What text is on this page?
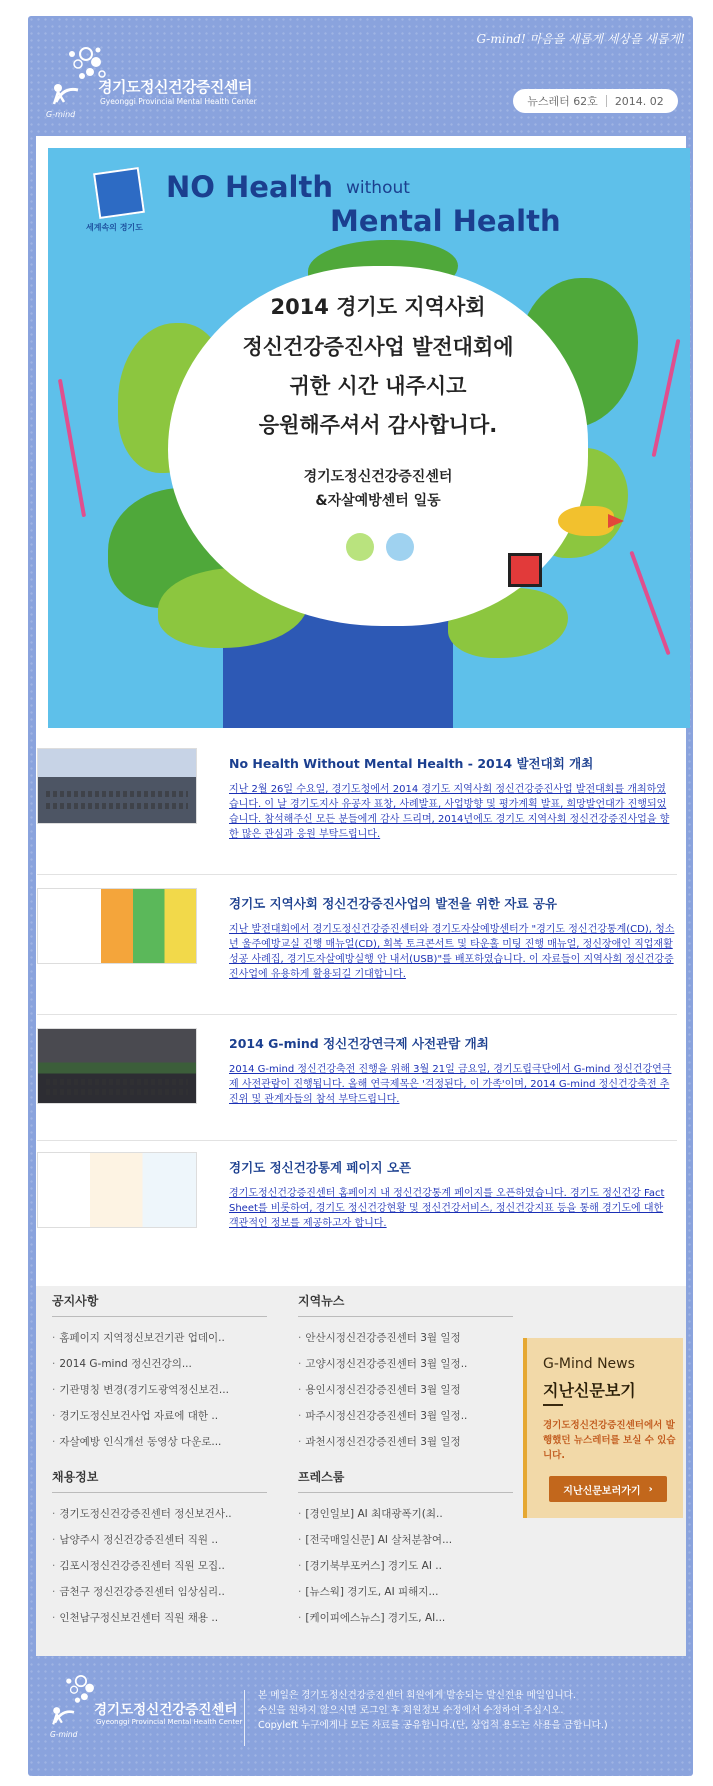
경기도정신건강증진센터
Gyeonggi Provincial Mental Health Center
G-mind
G-mind! 마음을 새롭게 세상을 새롭게!
뉴스레터 62호 2014. 02
세계속의 경기도
NO Health without
Mental Health
2014 경기도 지역사회
정신건강증진사업 발전대회에
귀한 시간 내주시고
응원해주셔서 감사합니다.
경기도정신건강증진센터
&자살예방센터 일동
No Health Without Mental Health - 2014 발전대회 개최
지난 2월 26일 수요일, 경기도청에서 2014 경기도 지역사회 정신건강증진사업 발전대회를 개최하였습니다. 이 날 경기도지사 유공자 표창, 사례발표, 사업방향 및 평가계획 발표, 희망발언대가 진행되었습니다. 참석해주신 모든 분들에게 감사 드리며, 2014년에도 경기도 지역사회 정신건강증진사업을 향한 많은 관심과 응원 부탁드립니다.
경기도 지역사회 정신건강증진사업의 발전을 위한 자료 공유
지난 발전대회에서 경기도정신건강증진센터와 경기도자살예방센터가 "경기도 정신건강통계(CD), 청소년 울주예방교실 진행 매뉴얼(CD), 회복 토크콘서트 및 타운홀 미팅 진행 매뉴얼, 정신장애인 직업재활 성공 사례집, 경기도자살예방실행 안 내서(USB)"를 배포하였습니다. 이 자료들이 지역사회 정신건강증진사업에 유용하게 활용되길 기대합니다.
2014 G-mind 정신건강연극제 사전관람 개최
2014 G-mind 정신건강축전 진행을 위해 3월 21일 금요일, 경기도립극단에서 G-mind 정신건강연극제 사전관람이 진행됩니다. 올해 연극제목은 '걱정된다, 이 가족'이며, 2014 G-mind 정신건강축전 추진위 및 관계자들의 참석 부탁드립니다.
경기도 정신건강통계 페이지 오픈
경기도정신건강증진센터 홈페이지 내 정신건강통계 페이지를 오픈하였습니다. 경기도 정신건강 Fact Sheet를 비롯하여, 경기도 정신건강현황 및 정신건강서비스, 정신건강지표 등을 통해 경기도에 대한 객관적인 정보를 제공하고자 합니다.
공지사항
· 홈페이지 지역정신보건기관 업데이..
· 2014 G-mind 정신건강의...
· 기관명칭 변경(경기도광역정신보건...
· 경기도정신보건사업 자료에 대한 ..
· 자살예방 인식개선 동영상 다운로...
지역뉴스
· 안산시정신건강증진센터 3월 일정
· 고양시정신건강증진센터 3월 일정..
· 용인시정신건강증진센터 3월 일정
· 파주시정신건강증진센터 3월 일정..
· 과천시정신건강증진센터 3월 일정
채용정보
· 경기도정신건강증진센터 정신보건사..
· 남양주시 정신건강증진센터 직원 ..
· 김포시정신건강증진센터 직원 모집..
· 금천구 정신건강증진센터 임상심리..
· 인천남구정신보건센터 직원 채용 ..
프레스룸
· [경인일보] AI 최대광폭기(최..
· [전국매일신문] AI 살처분참여...
· [경기북부포커스] 경기도 AI ..
· [뉴스웍] 경기도, AI 피해지...
· [케이피에스뉴스] 경기도, AI...
G-Mind News
지난신문보기
경기도정신건강증진센터에서 발행했던 뉴스레터를 보실 수 있습니다.
지난신문보러가기 ›
경기도정신건강증진센터
Gyeonggi Provincial Mental Health Center
G-mind
본 메일은 경기도정신건강증진센터 회원에게 발송되는 발신전용 메일입니다.
수신을 원하지 않으시면 로그인 후 회원정보 수정에서 수정하여 주십시오.
Copyleft 누구에게나 모든 자료를 공유합니다.(단, 상업적 용도는 사용을 금합니다.)
